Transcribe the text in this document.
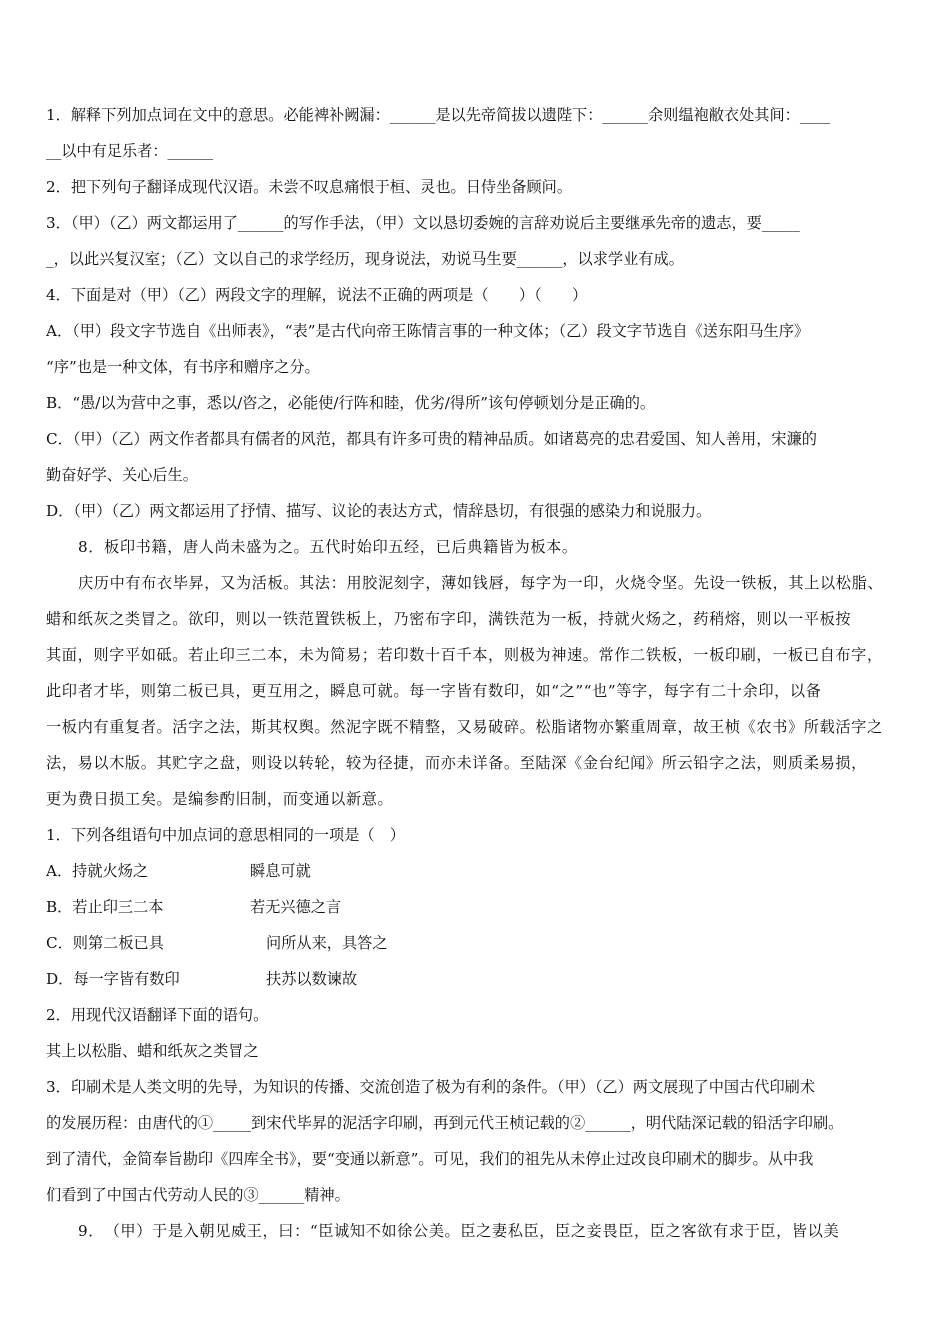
1．解释下列加点词在文中的意思。必能裨补阙漏：______是以先帝简拔以遗陛下：______余则缊袍敝衣处其间：____
__以中有足乐者：______
2．把下列句子翻译成现代汉语。未尝不叹息痛恨于桓、灵也。日侍坐备顾问。
3．（甲）（乙）两文都运用了______的写作手法，（甲）文以恳切委婉的言辞劝说后主要继承先帝的遗志，要_____
_，以此兴复汉室；（乙）文以自己的求学经历，现身说法，劝说马生要______，以求学业有成。
4．下面是对（甲）（乙）两段文字的理解，说法不正确的两项是（　　）（　　）
A．（甲）段文字节选自《出师表》，“表”是古代向帝王陈情言事的一种文体；（乙）段文字节选自《送东阳马生序》
“序”也是一种文体，有书序和赠序之分。
B．“愚/以为营中之事，悉以/咨之，必能使/行阵和睦，优劣/得所”该句停顿划分是正确的。
C．（甲）（乙）两文作者都具有儒者的风范，都具有许多可贵的精神品质。如诸葛亮的忠君爱国、知人善用，宋濂的
勤奋好学、关心后生。
D．（甲）（乙）两文都运用了抒情、描写、议论的表达方式，情辞恳切，有很强的感染力和说服力。
8．板印书籍，唐人尚未盛为之。五代时始印五经，已后典籍皆为板本。
庆历中有布衣毕昇，又为活板。其法：用胶泥刻字，薄如钱唇，每字为一印，火烧令坚。先设一铁板，其上以松脂、
蜡和纸灰之类冒之。欲印，则以一铁范置铁板上，乃密布字印，满铁范为一板，持就火炀之，药稍熔，则以一平板按
其面，则字平如砥。若止印三二本，未为简易；若印数十百千本，则极为神速。常作二铁板，一板印刷，一板已自布字，
此印者才毕，则第二板已具，更互用之，瞬息可就。每一字皆有数印，如“之”“也”等字，每字有二十余印，以备
一板内有重复者。活字之法，斯其权舆。然泥字既不精整，又易破碎。松脂诸物亦繁重周章，故王桢《农书》所载活字之
法，易以木版。其贮字之盘，则设以转轮，较为径捷，而亦未详备。至陆深《金台纪闻》所云铅字之法，则质柔易损，
更为费日损工矣。是编参酌旧制，而变通以新意。
1．下列各组语句中加点词的意思相同的一项是（　）
A．持就火炀之	瞬息可就
B．若止印三二本	若无兴德之言
C．则第二板已具	问所从来，具答之
D．每一字皆有数印	扶苏以数谏故
2．用现代汉语翻译下面的语句。
其上以松脂、蜡和纸灰之类冒之
3．印刷术是人类文明的先导，为知识的传播、交流创造了极为有利的条件。（甲）（乙）两文展现了中国古代印刷术
的发展历程：由唐代的①_____到宋代毕昇的泥活字印刷，再到元代王桢记载的②______，明代陆深记载的铅活字印刷。
到了清代，金简奉旨勘印《四库全书》，要“变通以新意”。可见，我们的祖先从未停止过改良印刷术的脚步。从中我
们看到了中国古代劳动人民的③______精神。
9．　（甲）于是入朝见威王，曰：“臣诚知不如徐公美。臣之妻私臣，臣之妾畏臣，臣之客欲有求于臣，皆以美
